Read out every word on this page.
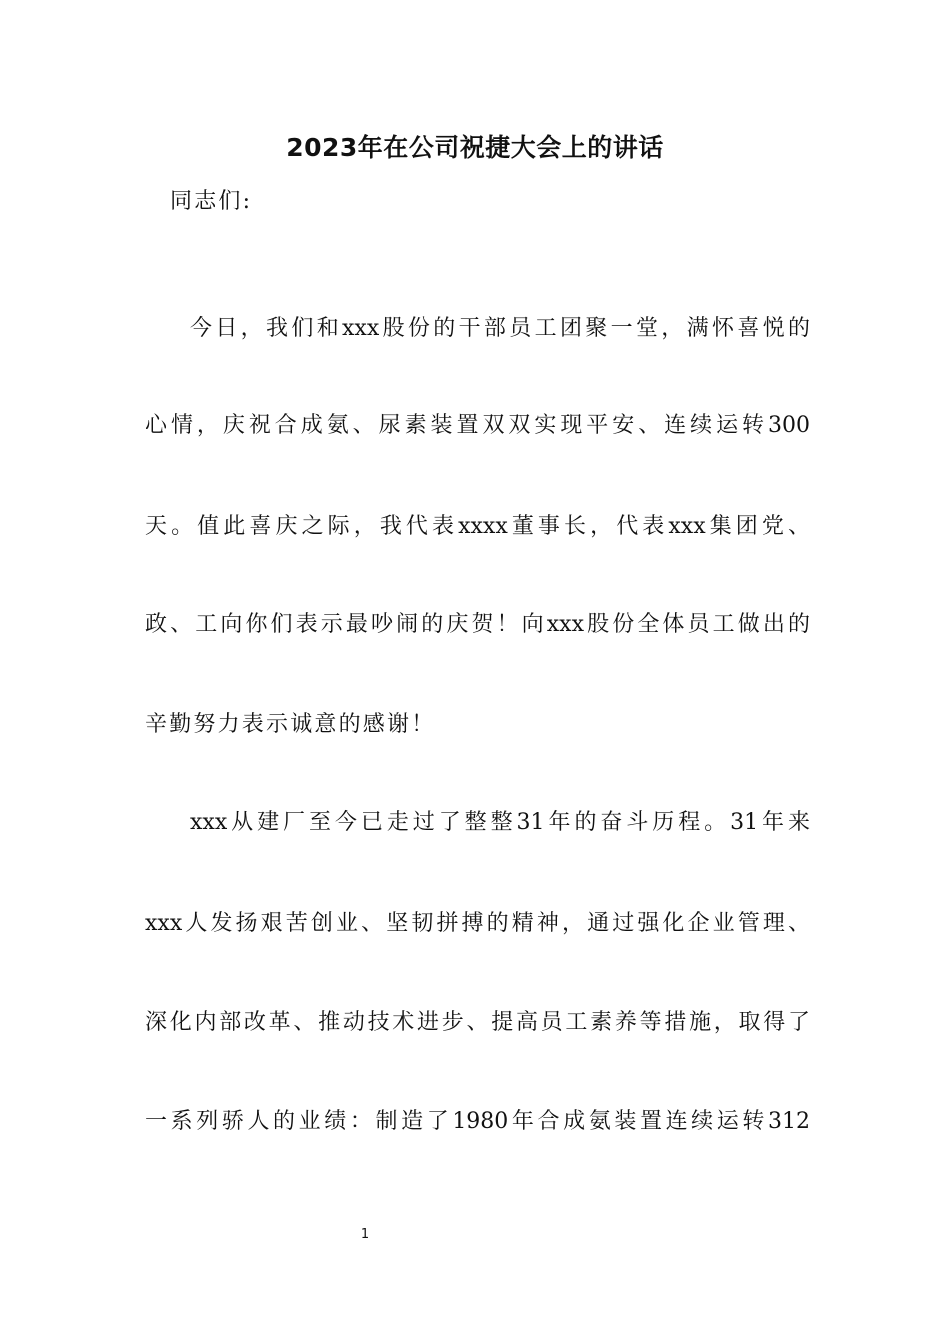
2023年在公司祝捷大会上的讲话
同志们:
今日，我们和xxx股份的干部员工团聚一堂，满怀喜悦的
心情，庆祝合成氨、尿素装置双双实现平安、连续运转300
天。值此喜庆之际，我代表xxxx董事长，代表xxx集团党、
政、工向你们表示最吵闹的庆贺！向xxx股份全体员工做出的
辛勤努力表示诚意的感谢！
xxx从建厂至今已走过了整整31年的奋斗历程。31年来
xxx人发扬艰苦创业、坚韧拼搏的精神，通过强化企业管理、
深化内部改革、推动技术进步、提高员工素养等措施，取得了
一系列骄人的业绩：制造了1980年合成氨装置连续运转312
1
